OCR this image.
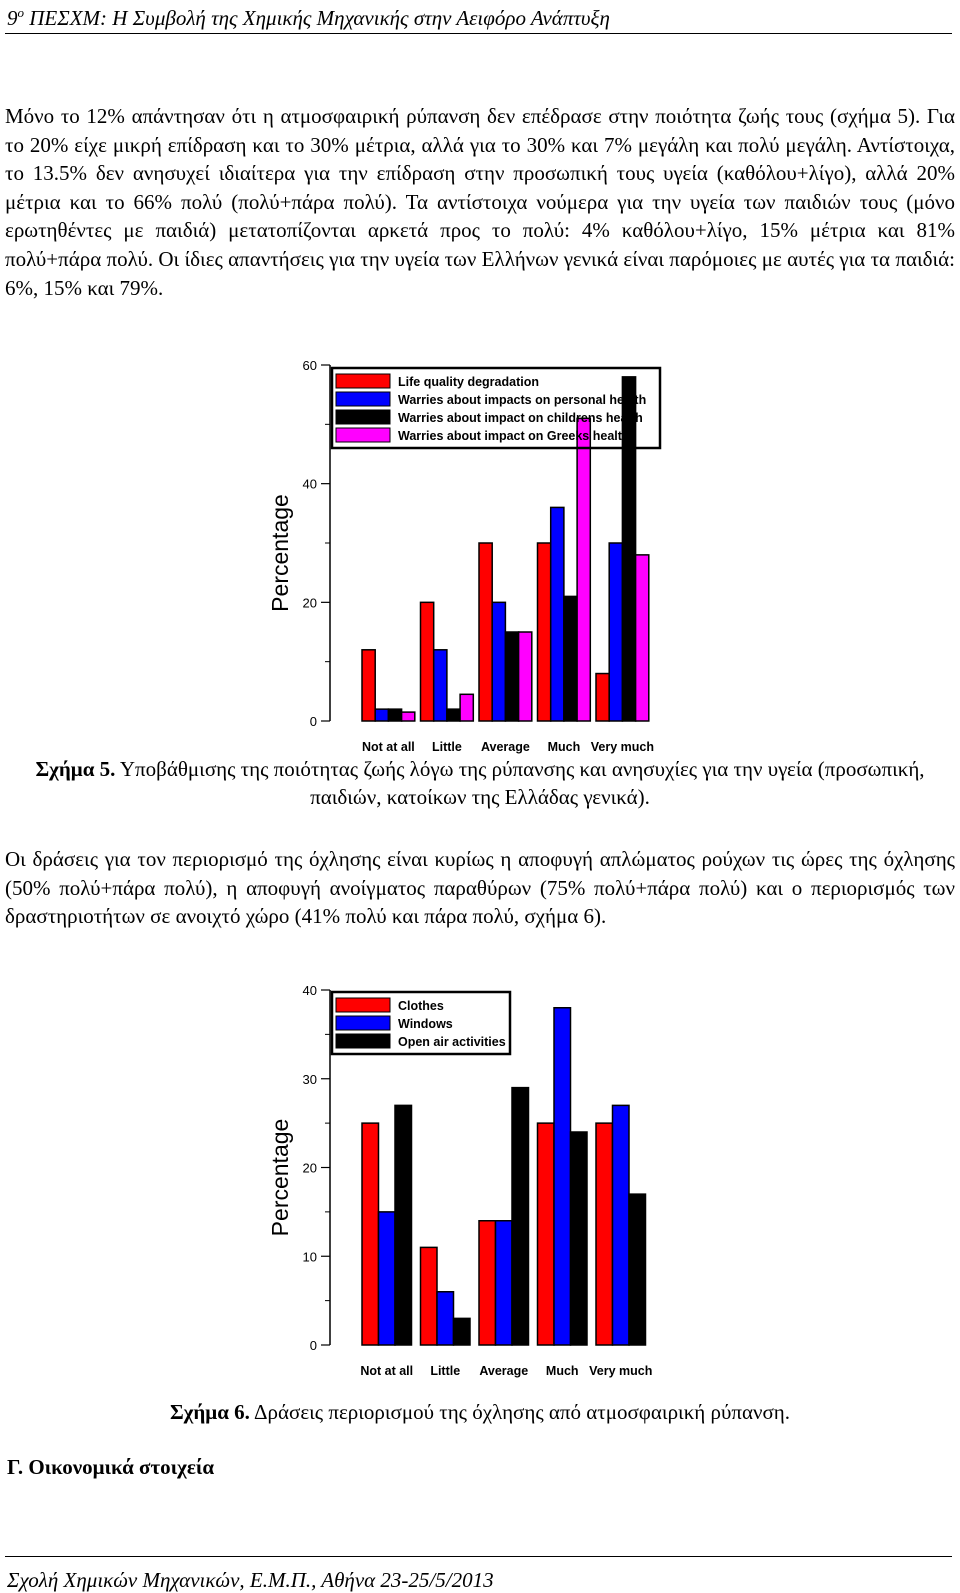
$9^o$ ΠΕΣΧΜ: Η Συμβολή της Χημικής Μηχανικής στην Αειφόρο Ανάπτυξη
Μόνο το 12% απάντησαν ότι η ατμοσφαιρική ρύπανση δεν επέδρασε στην ποιότητα ζωής τους (σχήμα 5). Για το 20% είχε μικρή επίδραση και το 30% μέτρια, αλλά για το 30% και 7% μεγάλη και πολύ μεγάλη. Αντίστοιχα, το 13.5% δεν ανησυχεί ιδιαίτερα για την επίδραση στην προσωπική τους υγεία (καθόλου+λίγο), αλλά 20% μέτρια και το 66% πολύ (πολύ+πάρα πολύ). Τα αντίστοιχα νούμερα για την υγεία των παιδιών τους (μόνο ερωτηθέντες με παιδιά) μετατοπίζονται αρκετά προς το πολύ: 4% καθόλου+λίγο, 15% μέτρια και 81% πολύ+πάρα πολύ. Οι ίδιες απαντήσεις για την υγεία των Ελλήνων γενικά είναι παρόμοιες με αυτές για τα παιδιά: 6%, 15% και 79%.
0
20
40
60
Percentage
Not at all Little Average Much Very much
Life quality degradation
Warries about impacts on personal health
Warries about impact on childrens health
Warries about impact on Greeks health
Σχήμα 5. Υποβάθμισης της ποιότητας ζωής λόγω της ρύπανσης και ανησυχίες για την υγεία (προσωπική, παιδιών, κατοίκων της Ελλάδας γενικά).
Οι δράσεις για τον περιορισμό της όχλησης είναι κυρίως η αποφυγή απλώματος ρούχων τις ώρες της όχλησης (50% πολύ+πάρα πολύ), η αποφυγή ανοίγματος παραθύρων (75% πολύ+πάρα πολύ) και ο περιορισμός των δραστηριοτήτων σε ανοιχτό χώρο (41% πολύ και πάρα πολύ, σχήμα 6).
0
10
20
30
40
Percentage
Not at all Little Average Much Very much
Clothes
Windows
Open air activities
Σχήμα 6. Δράσεις περιορισμού της όχλησης από ατμοσφαιρική ρύπανση.
Γ. Οικονομικά στοιχεία
Σχολή Χημικών Μηχανικών, Ε.Μ.Π., Αθήνα 23-25/5/2013
